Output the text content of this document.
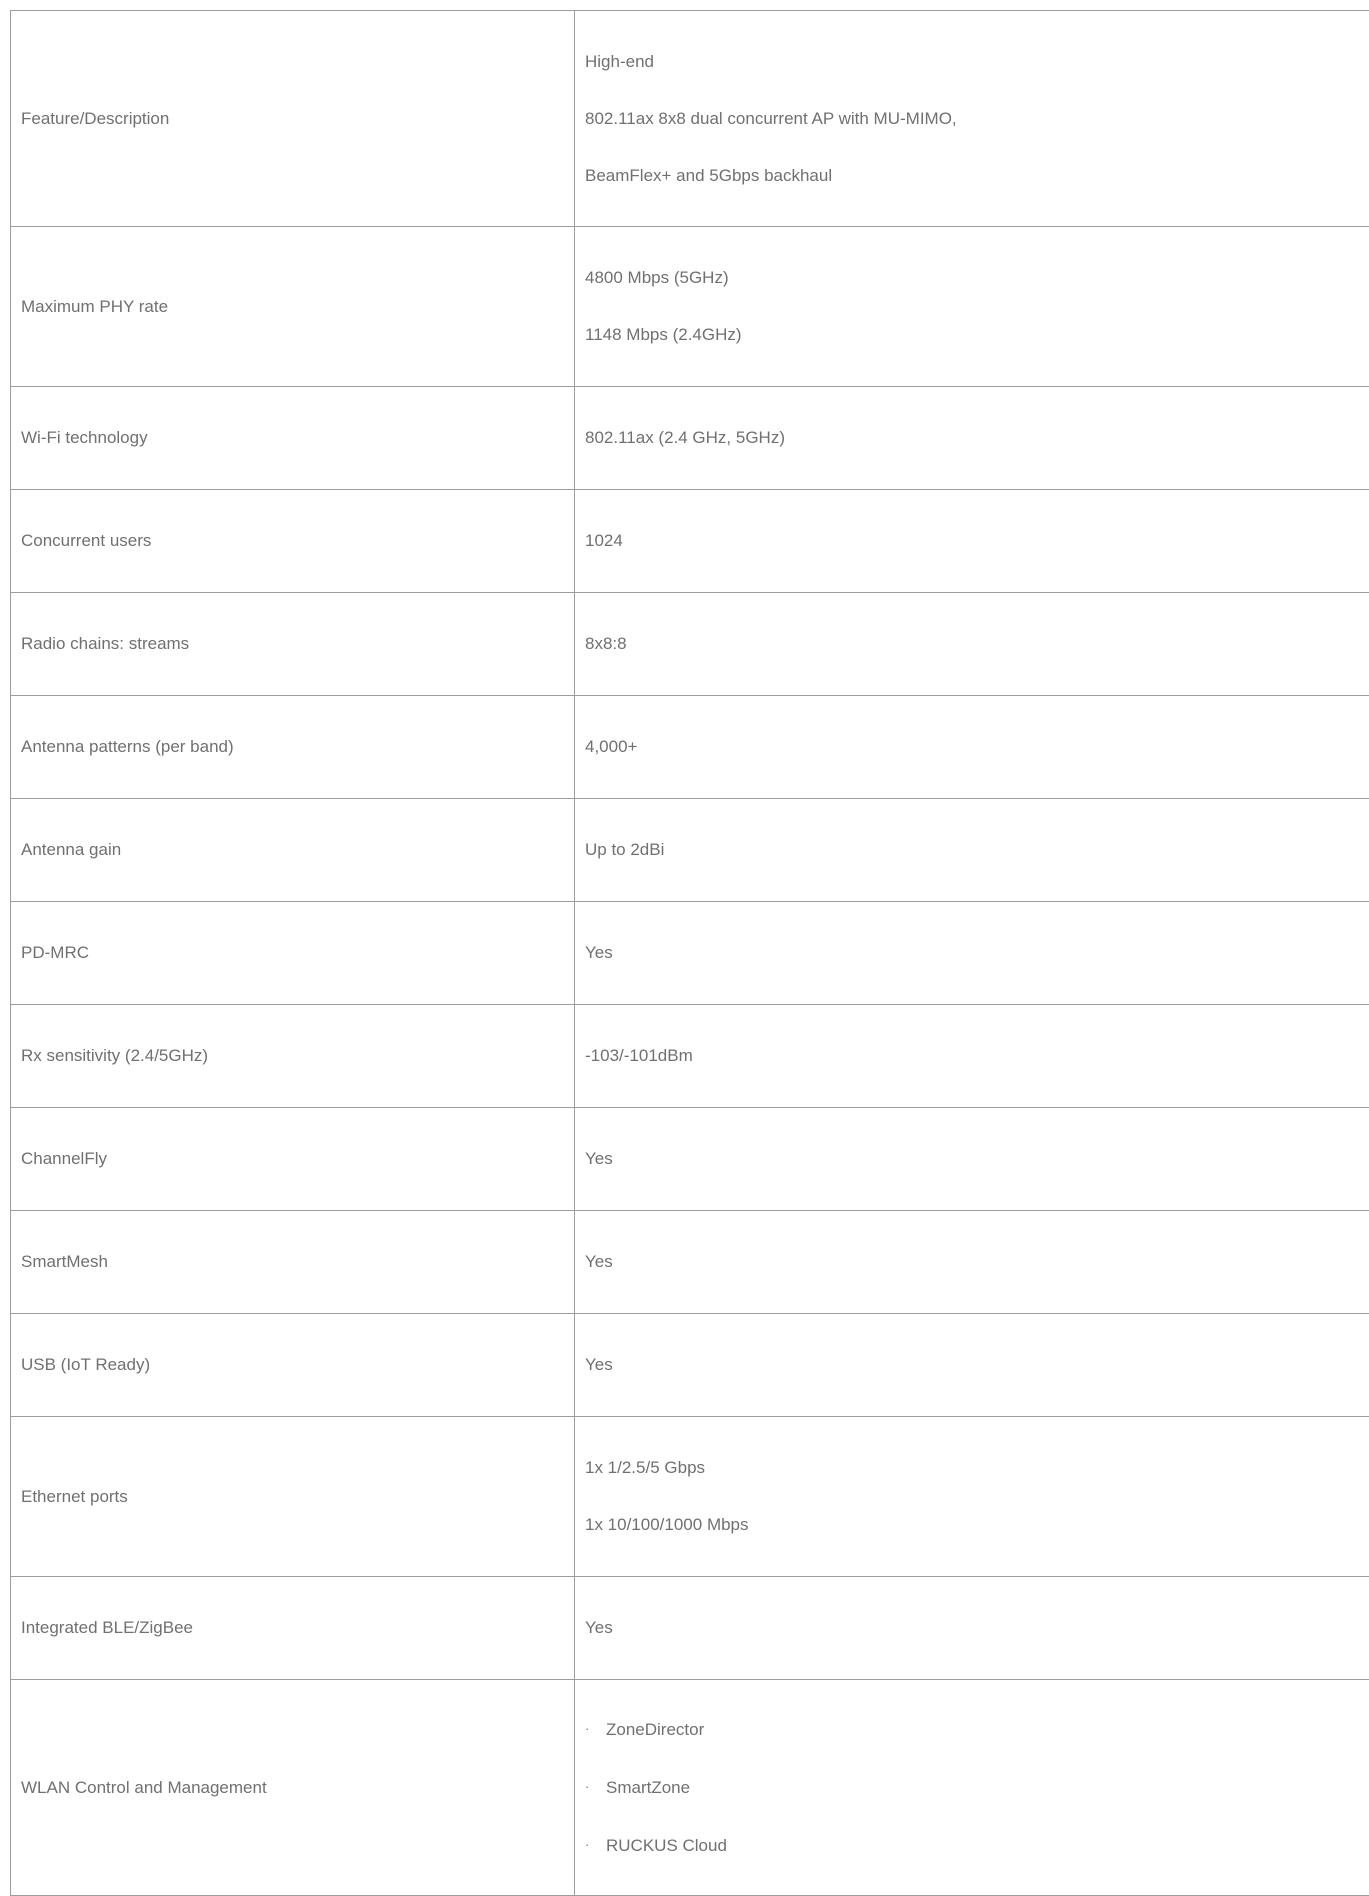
Feature/Description	High-end
802.11ax 8x8 dual concurrent AP with MU-MIMO,
BeamFlex+ and 5Gbps backhaul

Maximum PHY rate	4800 Mbps (5GHz)
1148 Mbps (2.4GHz)

Wi-Fi technology	802.11ax (2.4 GHz, 5GHz)
Concurrent users	1024
Radio chains: streams	8x8:8
Antenna patterns (per band)	4,000+
Antenna gain	Up to 2dBi
PD-MRC	Yes
Rx sensitivity (2.4/5GHz)	-103/-101dBm
ChannelFly	Yes
SmartMesh	Yes
USB (IoT Ready)	Yes
Ethernet ports	1x 1/2.5/5 Gbps
1x 10/100/1000 Mbps

Integrated BLE/ZigBee	Yes
WLAN Control and Management	· ZoneDirector
· SmartZone
· RUCKUS Cloud
